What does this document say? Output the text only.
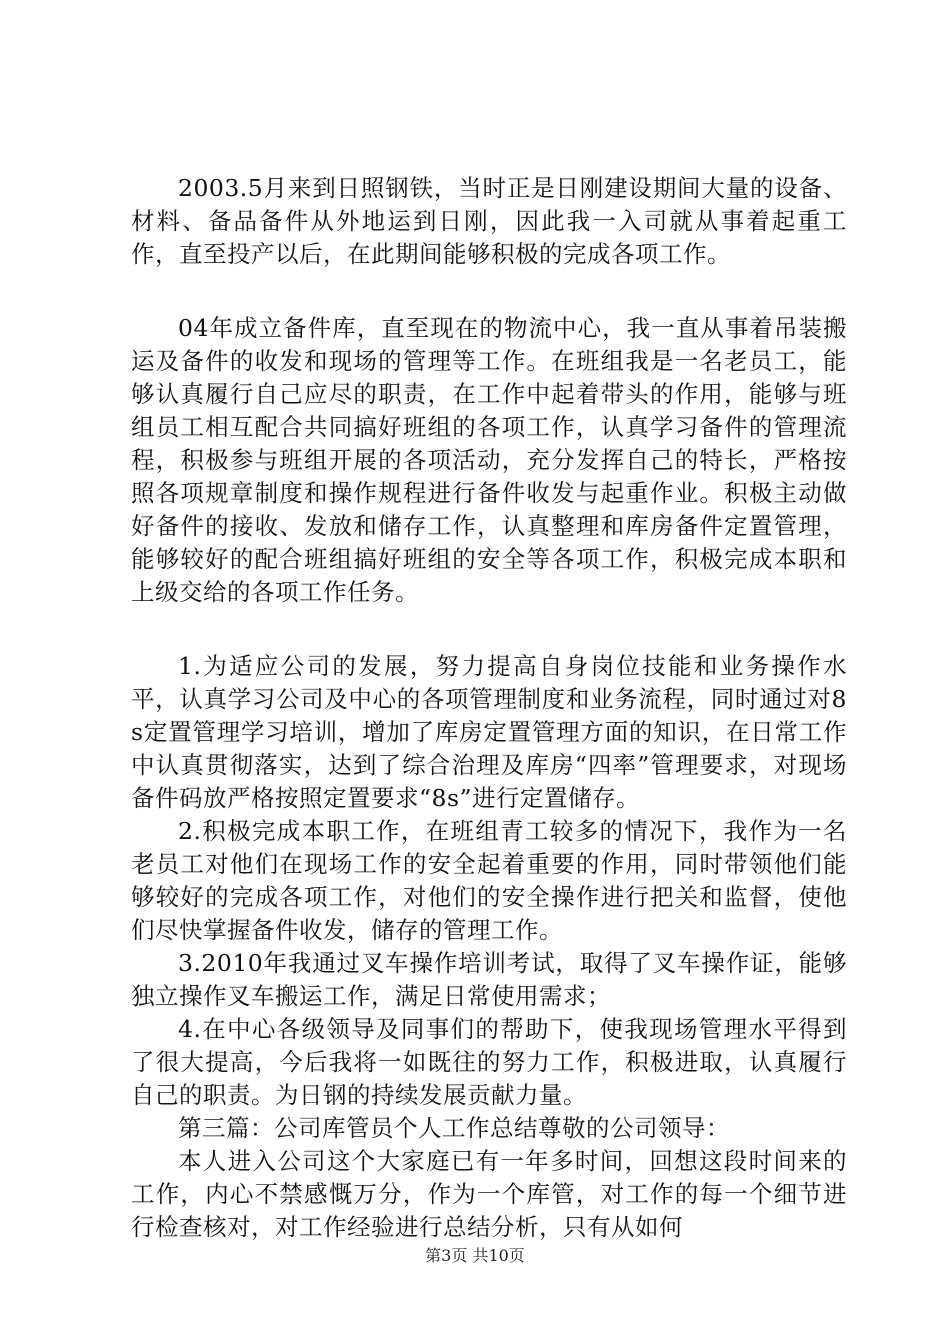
2003.5月来到日照钢铁，当时正是日刚建设期间大量的设备、材料、备品备件从外地运到日刚，因此我一入司就从事着起重工作，直至投产以后，在此期间能够积极的完成各项工作。

04年成立备件库，直至现在的物流中心，我一直从事着吊装搬运及备件的收发和现场的管理等工作。在班组我是一名老员工，能够认真履行自己应尽的职责，在工作中起着带头的作用，能够与班组员工相互配合共同搞好班组的各项工作，认真学习备件的管理流程，积极参与班组开展的各项活动，充分发挥自己的特长，严格按照各项规章制度和操作规程进行备件收发与起重作业。积极主动做好备件的接收、发放和储存工作，认真整理和库房备件定置管理，能够较好的配合班组搞好班组的安全等各项工作，积极完成本职和上级交给的各项工作任务。

1.为适应公司的发展，努力提高自身岗位技能和业务操作水平，认真学习公司及中心的各项管理制度和业务流程，同时通过对8s定置管理学习培训，增加了库房定置管理方面的知识，在日常工作中认真贯彻落实，达到了综合治理及库房“四率”管理要求，对现场备件码放严格按照定置要求“8s”进行定置储存。

2.积极完成本职工作，在班组青工较多的情况下，我作为一名老员工对他们在现场工作的安全起着重要的作用，同时带领他们能够较好的完成各项工作，对他们的安全操作进行把关和监督，使他们尽快掌握备件收发，储存的管理工作。

3.2010年我通过叉车操作培训考试，取得了叉车操作证，能够独立操作叉车搬运工作，满足日常使用需求；

4.在中心各级领导及同事们的帮助下，使我现场管理水平得到了很大提高，今后我将一如既往的努力工作，积极进取，认真履行自己的职责。为日钢的持续发展贡献力量。

第三篇：公司库管员个人工作总结尊敬的公司领导：

本人进入公司这个大家庭已有一年多时间，回想这段时间来的工作，内心不禁感慨万分，作为一个库管，对工作的每一个细节进行检查核对，对工作经验进行总结分析，只有从如何

第3页 共10页
